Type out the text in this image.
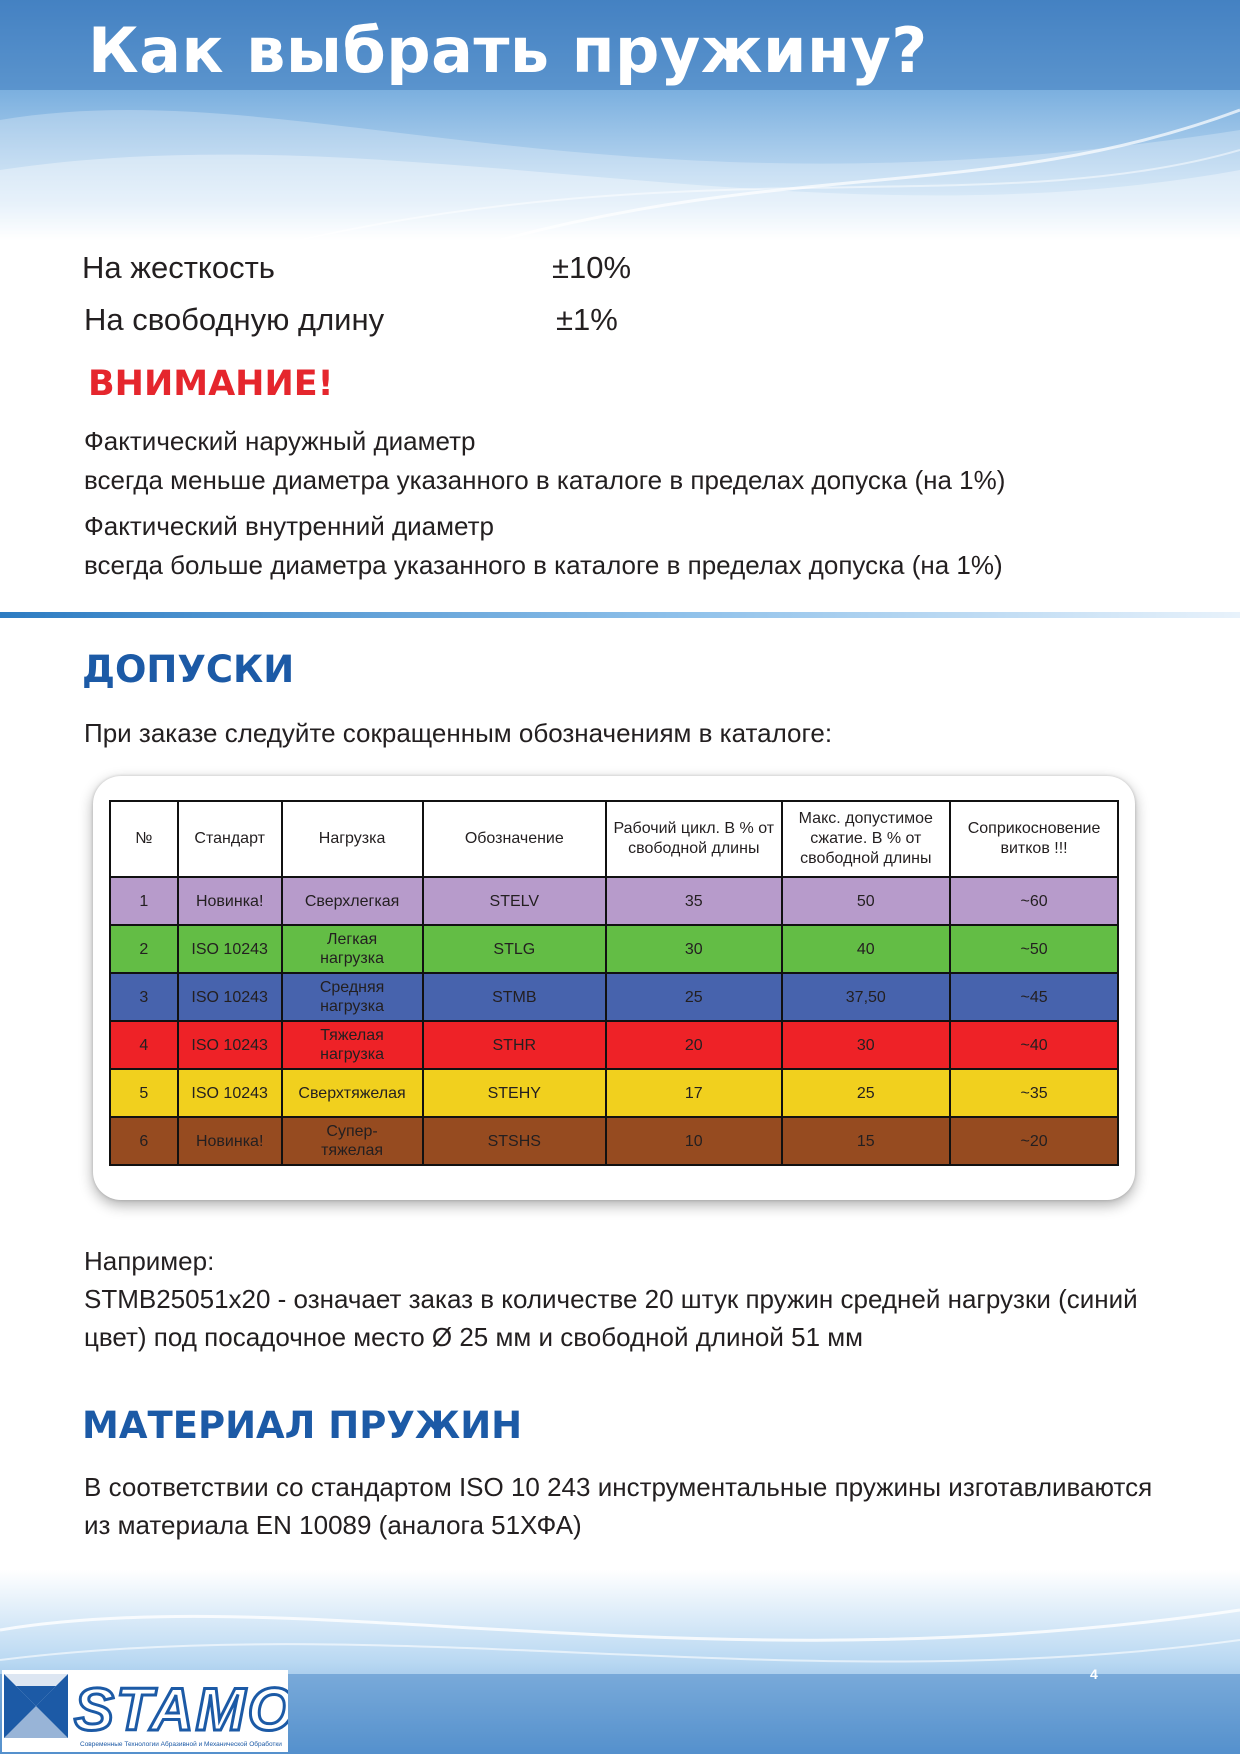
Как выбрать пружину?
На жесткость	±10%
На свободную длину	±1%
ВНИМАНИЕ!
Фактический наружный диаметр
всегда меньше диаметра указанного в каталоге в пределах допуска (на 1%)
Фактический внутренний диаметр
всегда больше диаметра указанного в каталоге в пределах допуска (на 1%)
ДОПУСКИ
При заказе следуйте сокращенным обозначениям в каталоге:
№	Стандарт	Нагрузка	Обозначение	Рабочий цикл. В % от свободной длины	Макс. допустимое сжатие. В % от свободной длины	Соприкосновение витков !!!
1	Новинка!	Сверхлегкая	STELV	35	50	~60
2	ISO 10243	Легкая нагрузка	STLG	30	40	~50
3	ISO 10243	Средняя нагрузка	STMB	25	37,50	~45
4	ISO 10243	Тяжелая нагрузка	STHR	20	30	~40
5	ISO 10243	Сверхтяжелая	STEHY	17	25	~35
6	Новинка!	Супер-тяжелая	STSHS	10	15	~20
Например:
STMB25051x20 - означает заказ в количестве 20 штук пружин средней нагрузки (синий
цвет) под посадочное место Ø 25 мм и свободной длиной 51 мм
МАТЕРИАЛ ПРУЖИН
В соответствии со стандартом ISO 10 243 инструментальные пружины изготавливаются
из материала EN 10089 (аналога 51ХФА)
STAMO
Современные Технологии Абразивной и Механической Обработки
4
